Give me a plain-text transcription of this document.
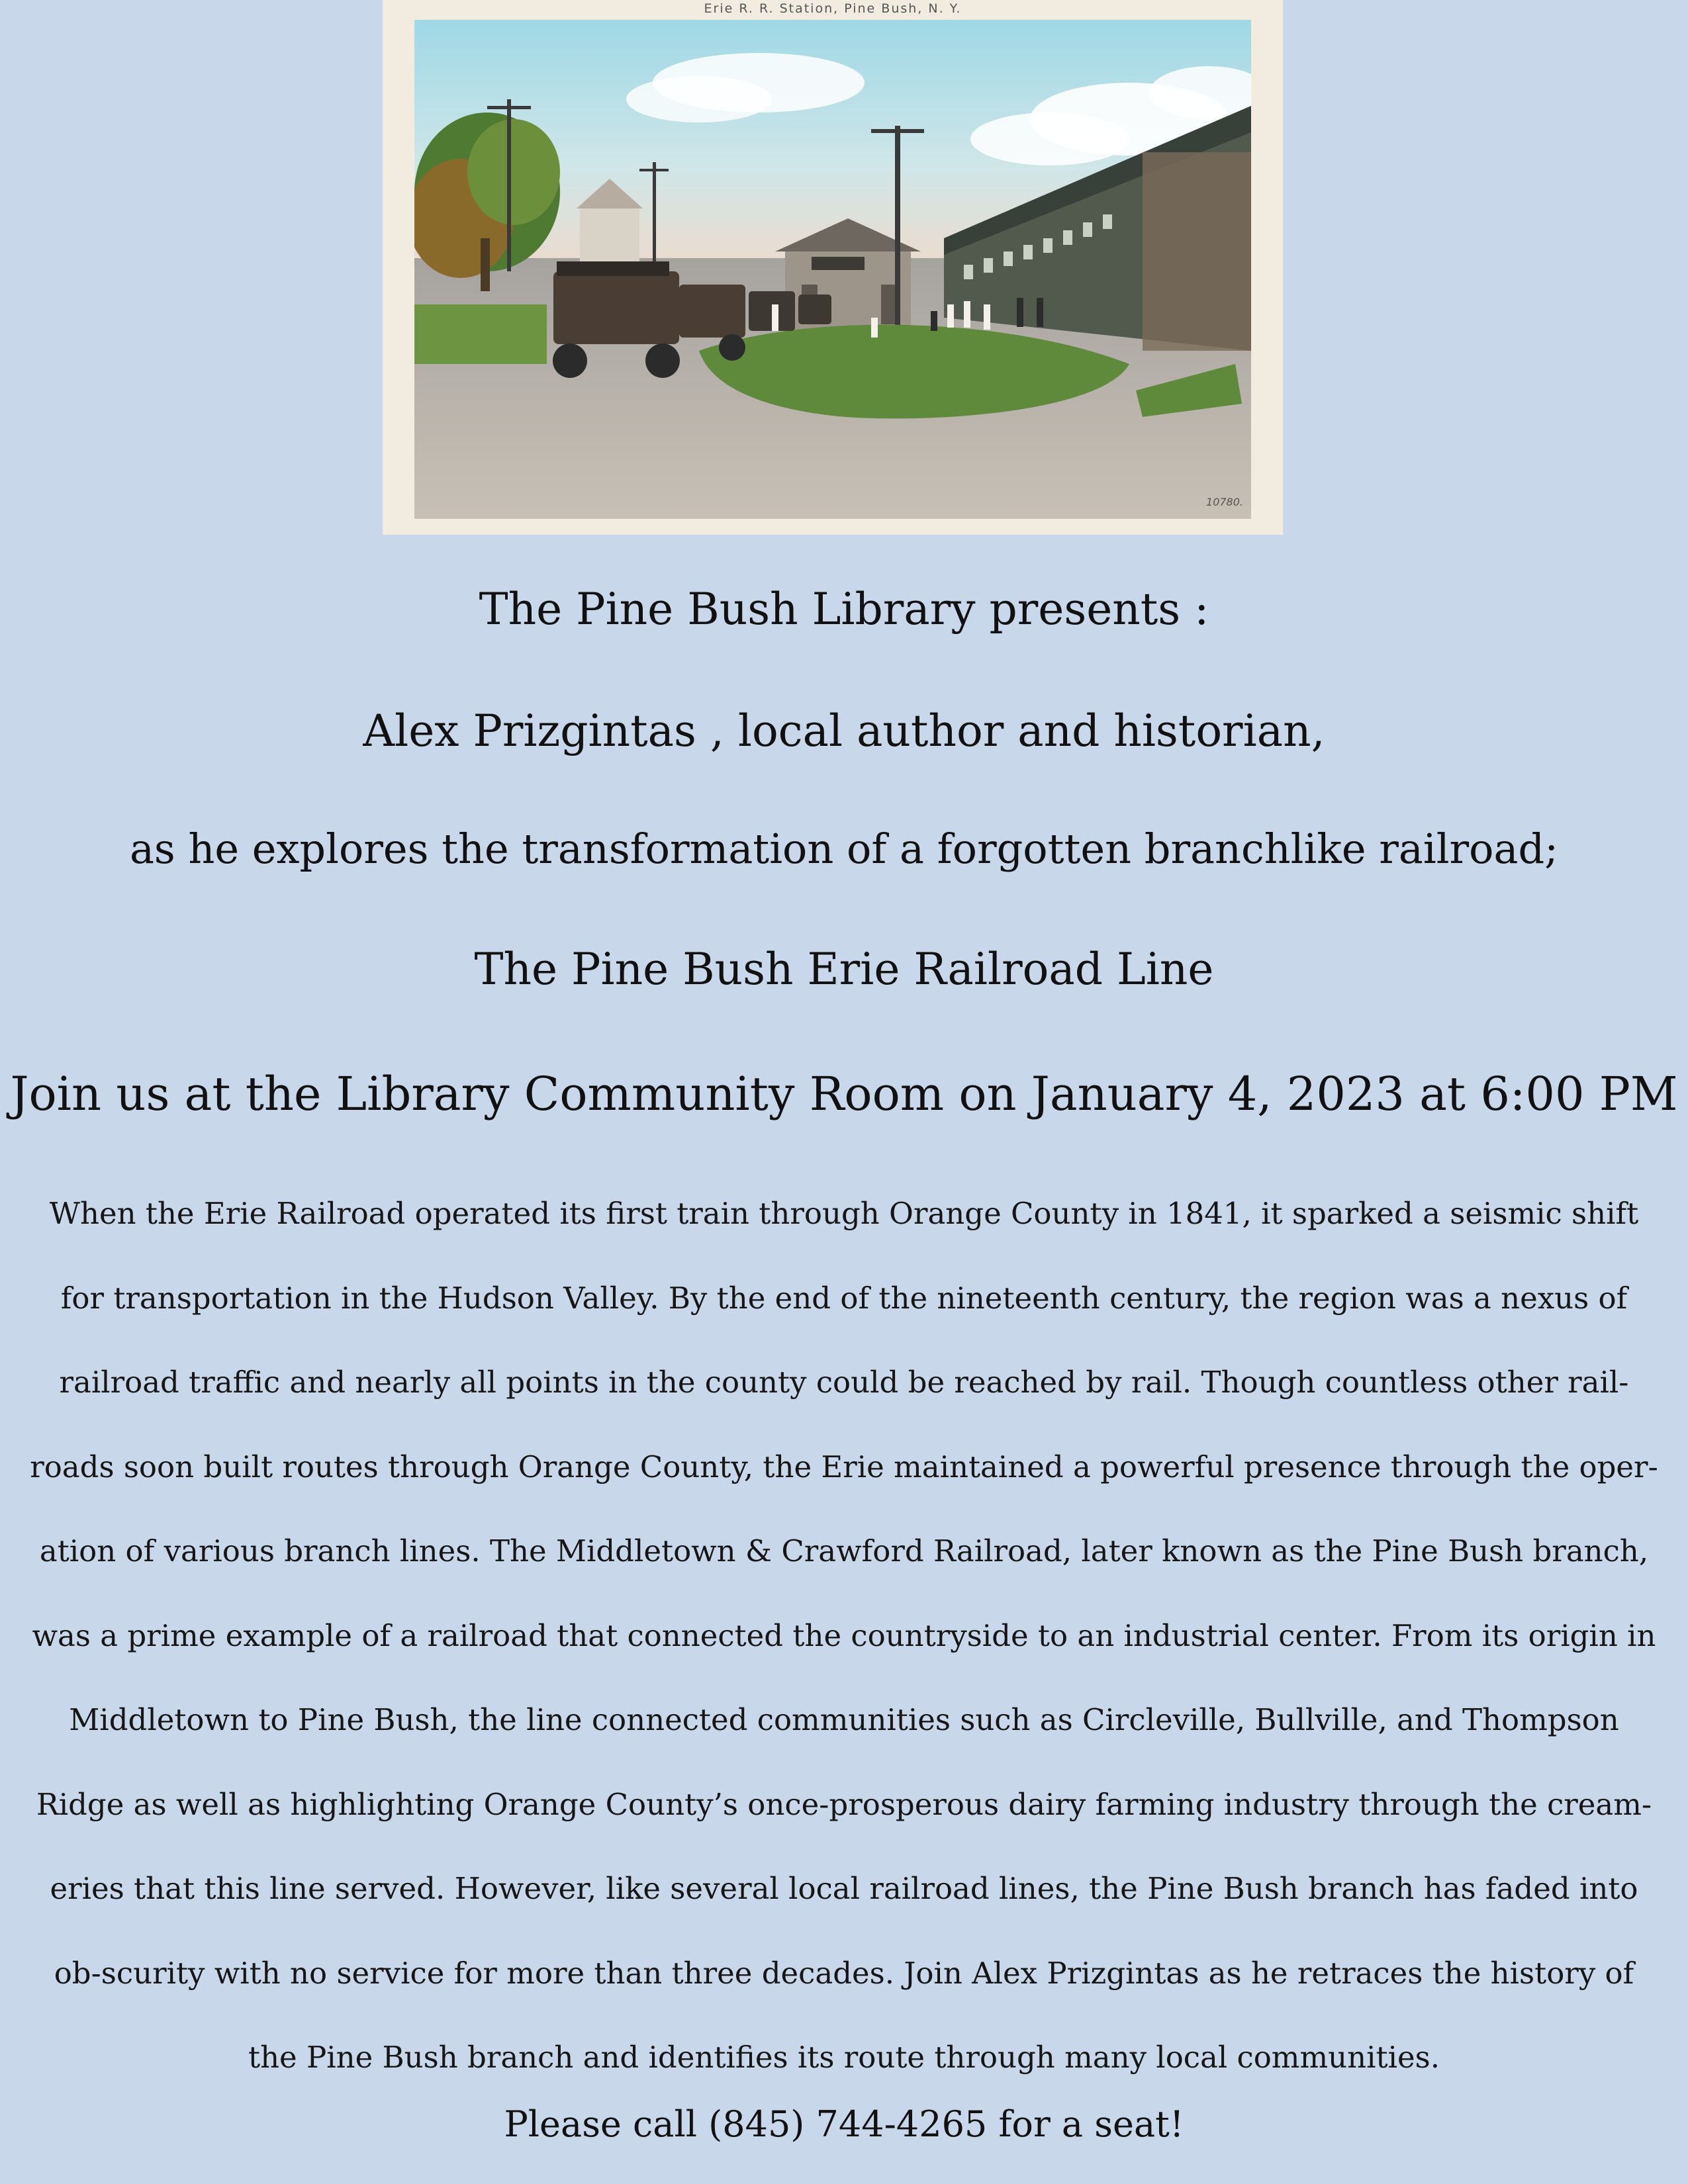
Erie R. R. Station, Pine Bush, N. Y.
10780.
The Pine Bush Library presents :
Alex Prizgintas , local author and historian,
as he explores the transformation of a forgotten branchlike railroad;
The Pine Bush Erie Railroad Line
Join us at the Library Community Room on January 4, 2023 at 6:00 PM

When the Erie Railroad operated its first train through Orange County in 1841, it sparked a seismic shift for transportation in the Hudson Valley. By the end of the nineteenth century, the region was a nexus of railroad traffic and nearly all points in the county could be reached by rail. Though countless other rail-roads soon built routes through Orange County, the Erie maintained a powerful presence through the oper-ation of various branch lines. The Middletown & Crawford Railroad, later known as the Pine Bush branch, was a prime example of a railroad that connected the countryside to an industrial center. From its origin in Middletown to Pine Bush, the line connected communities such as Circleville, Bullville, and Thompson Ridge as well as highlighting Orange County’s once-prosperous dairy farming industry through the cream-eries that this line served. However, like several local railroad lines, the Pine Bush branch has faded into ob-scurity with no service for more than three decades. Join Alex Prizgintas as he retraces the history of the Pine Bush branch and identifies its route through many local communities.

Please call (845) 744-4265 for a seat!
